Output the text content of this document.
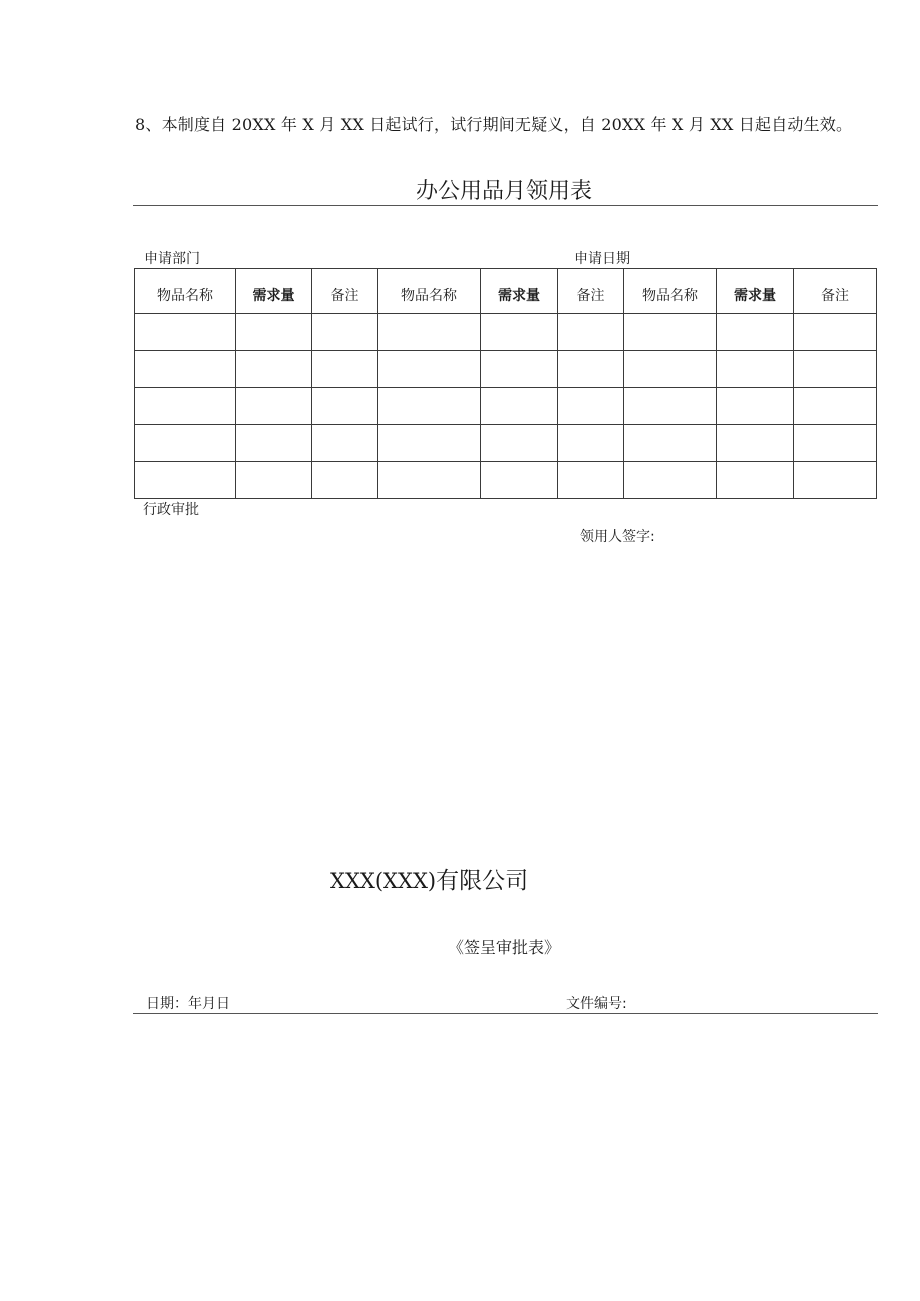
8、本制度自 20XX 年 X 月 XX 日起试行，试行期间无疑义，自 20XX 年 X 月 XX 日起自动生效。
办公用品月领用表
申请部门	申请日期
物品名称	需求量	备注	物品名称	需求量	备注	物品名称	需求量	备注

行政审批
领用人签字:
XXX(XXX)有限公司
《签呈审批表》
日期：年月日	文件编号:
